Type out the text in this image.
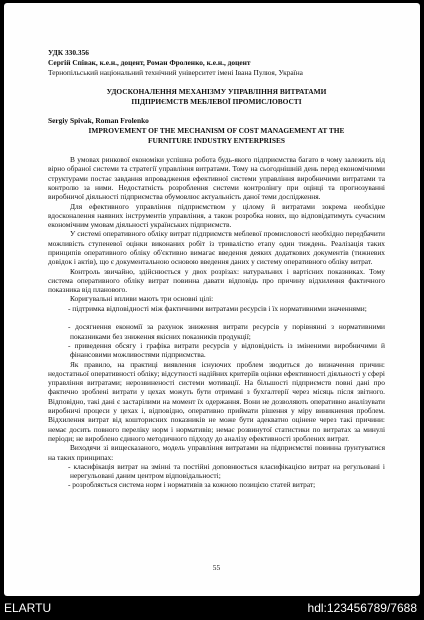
УДК 330.356
Сергій Співак, к.е.н., доцент, Роман Фроленко, к.е.н., доцент
Тернопільський національний технічний університет імені Івана Пулюя, Україна
УДОСКОНАЛЕННЯ МЕХАНІЗМУ УПРАВЛІННЯ ВИТРАТАМИ
ПІДПРИЄМСТВ МЕБЛЕВОЇ ПРОМИСЛОВОСТІ
Sergiy Spivak, Roman Frolenko
IMPROVEMENT OF THE MECHANISM OF COST MANAGEMENT AT THE
FURNITURE INDUSTRY ENTERPRISES
В умовах ринкової економіки успішна робота будь-якого підприємства багато в чому залежить від вірно обраної системи та стратегії управління витратами. Тому на сьогоднішній день перед економічними структурами постає завдання впровадження ефективної системи управління виробничими витратами та контролю за ними. Недостатність розроблення системи контролінгу при оцінці та прогнозуванні виробничої діяльності підприємства обумовлює актуальність даної теми дослідження.
Для ефективного управління підприємством у цілому й витратами зокрема необхідне вдосконалення наявних інструментів управління, а також розробка нових, що відповідатимуть сучасним економічним умовам діяльності українських підприємств.
У системі оперативного обліку витрат підприємств меблевої промисловості необхідно передбачити можливість ступеневої оцінки виконаних робіт із тривалістю етапу один тиждень. Реалізація таких принципів оперативного обліку об'єктивно вимагає введення деяких додаткових документів (тижневих довідок і актів), що є документальною основою введення даних у систему оперативного обліку витрат.
Контроль звичайно, здійснюється у двох розрізах: натуральних і вартісних показниках. Тому система оперативного обліку витрат повинна давати відповідь про причину відхилення фактичного показника від планового.
Коригувальні впливи мають три основні цілі:
- підтримка відповідності між фактичними витратами ресурсів і їх нормативними значеннями;
- досягнення економії за рахунок зниження витрати ресурсів у порівнянні з нормативними показниками без зниження якісних показників продукції;
- приведення обсягу і графіка витрати ресурсів у відповідність із зміненими виробничими й фінансовими можливостями підприємства.
Як правило, на практиці виявлення існуючих проблем зводиться до визначення причин: недостатньої оперативності обліку; відсутності надійних критеріїв оцінки ефективності діяльності у сфері управління витратами; нерозвиненості системи мотивації. На більшості підприємств повні дані про фактично зроблені витрати у цехах можуть бути отримані з бухгалтерії через місяць після звітного. Відповідно, такі дані є застарілими на момент їх одержання. Вони не дозволяють оперативно аналізувати виробничі процеси у цехах і, відповідно, оперативно приймати рішення у міру виникнення проблем. Відхилення витрат від кошторисних показників не може бути адекватно оцінене через такі причини: немає досить повного переліку норм і нормативів; немає розвинутої статистики по витратах за минулі періоди; не вироблено єдиного методичного підходу до аналізу ефективності зроблених витрат.
Виходячи зі вищесказаного, модель управління витратами на підприємстві повинна ґрунтуватися на таких принципах:
- класифікація витрат на змінні та постійні доповнюється класифікацією витрат на регульовані і нерегульовані даним центром відповідальності;
- розробляється система норм і нормативів за кожною позицією статей витрат;
55
ELARTU	hdl:123456789/7688
